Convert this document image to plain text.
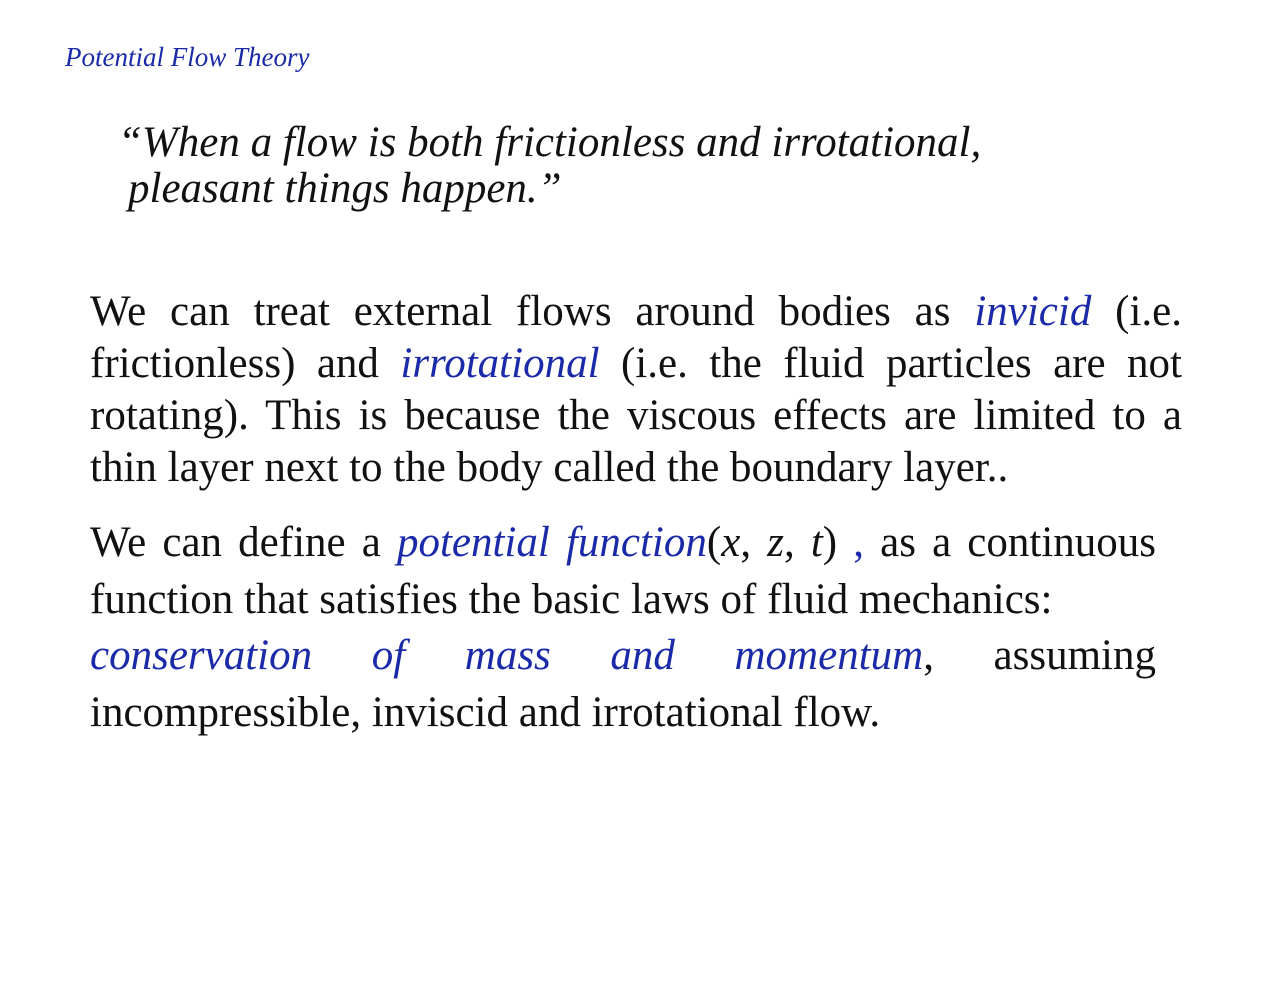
Potential Flow Theory
“When a flow is both frictionless and irrotational,
pleasant things happen.”
We can treat external flows around bodies as invicid (i.e. frictionless) and irrotational (i.e. the fluid particles are not rotating). This is because the viscous effects are limited to a thin layer next to the body called the boundary layer..
We can define a potential function(x, z, t) , as a continuous function that satisfies the basic laws of fluid mechanics:
conservation of mass and momentum, assuming
incompressible, inviscid and irrotational flow.
